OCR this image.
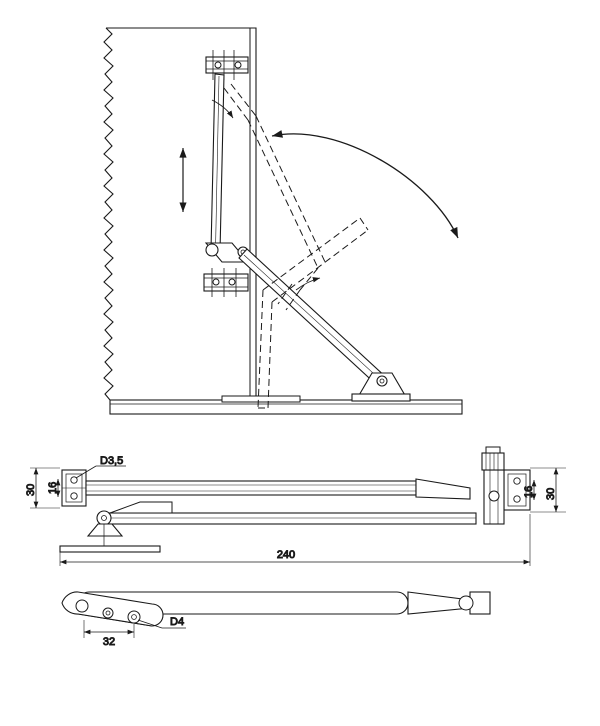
D3,5
30 16	16 30
240
32
D4
